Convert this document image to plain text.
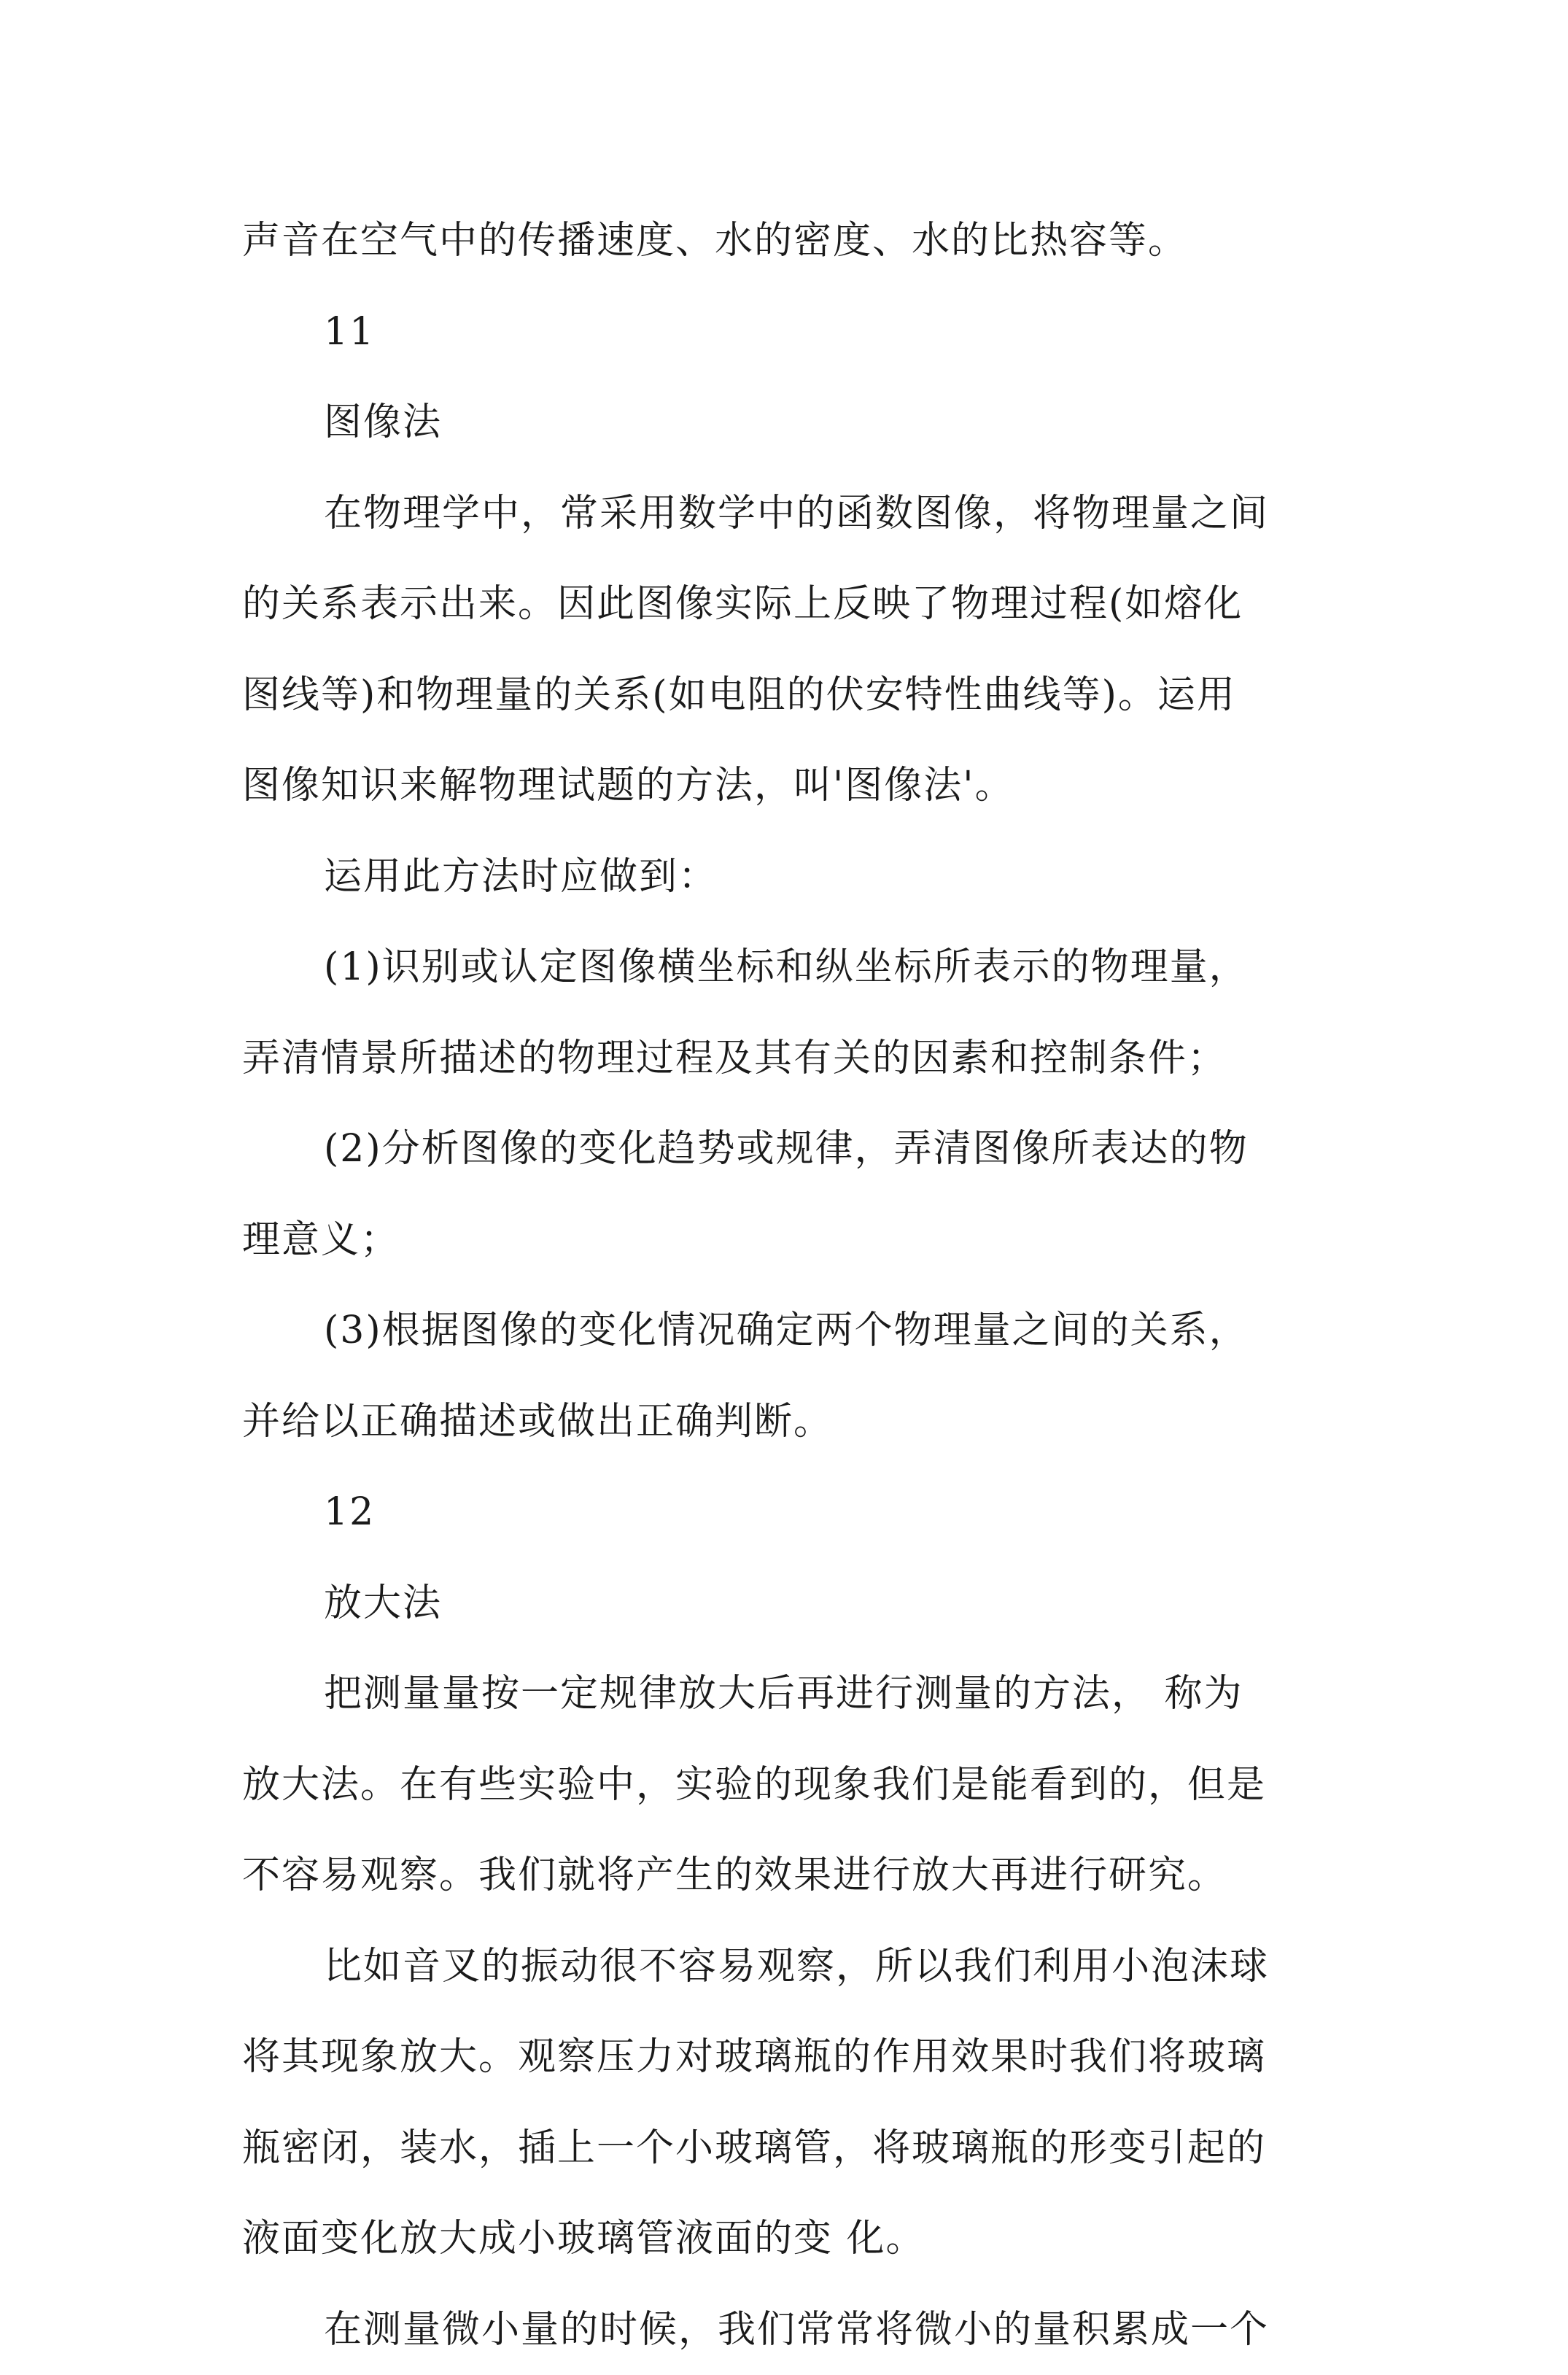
声音在空气中的传播速度、水的密度、水的比热容等。
11
图像法
在物理学中，常采用数学中的函数图像，将物理量之间
的关系表示出来。因此图像实际上反映了物理过程(如熔化
图线等)和物理量的关系(如电阻的伏安特性曲线等)。运用
图像知识来解物理试题的方法，叫'图像法'。
运用此方法时应做到：
(1)识别或认定图像横坐标和纵坐标所表示的物理量，
弄清情景所描述的物理过程及其有关的因素和控制条件；
(2)分析图像的变化趋势或规律，弄清图像所表达的物
理意义；
(3)根据图像的变化情况确定两个物理量之间的关系，
并给以正确描述或做出正确判断。
12
放大法
把测量量按一定规律放大后再进行测量的方法， 称为
放大法。在有些实验中，实验的现象我们是能看到的，但是
不容易观察。我们就将产生的效果进行放大再进行研究。
比如音叉的振动很不容易观察，所以我们利用小泡沫球
将其现象放大。观察压力对玻璃瓶的作用效果时我们将玻璃
瓶密闭，装水，插上一个小玻璃管，将玻璃瓶的形变引起的
液面变化放大成小玻璃管液面的变 化。
在测量微小量的时候，我们常常将微小的量积累成一个
